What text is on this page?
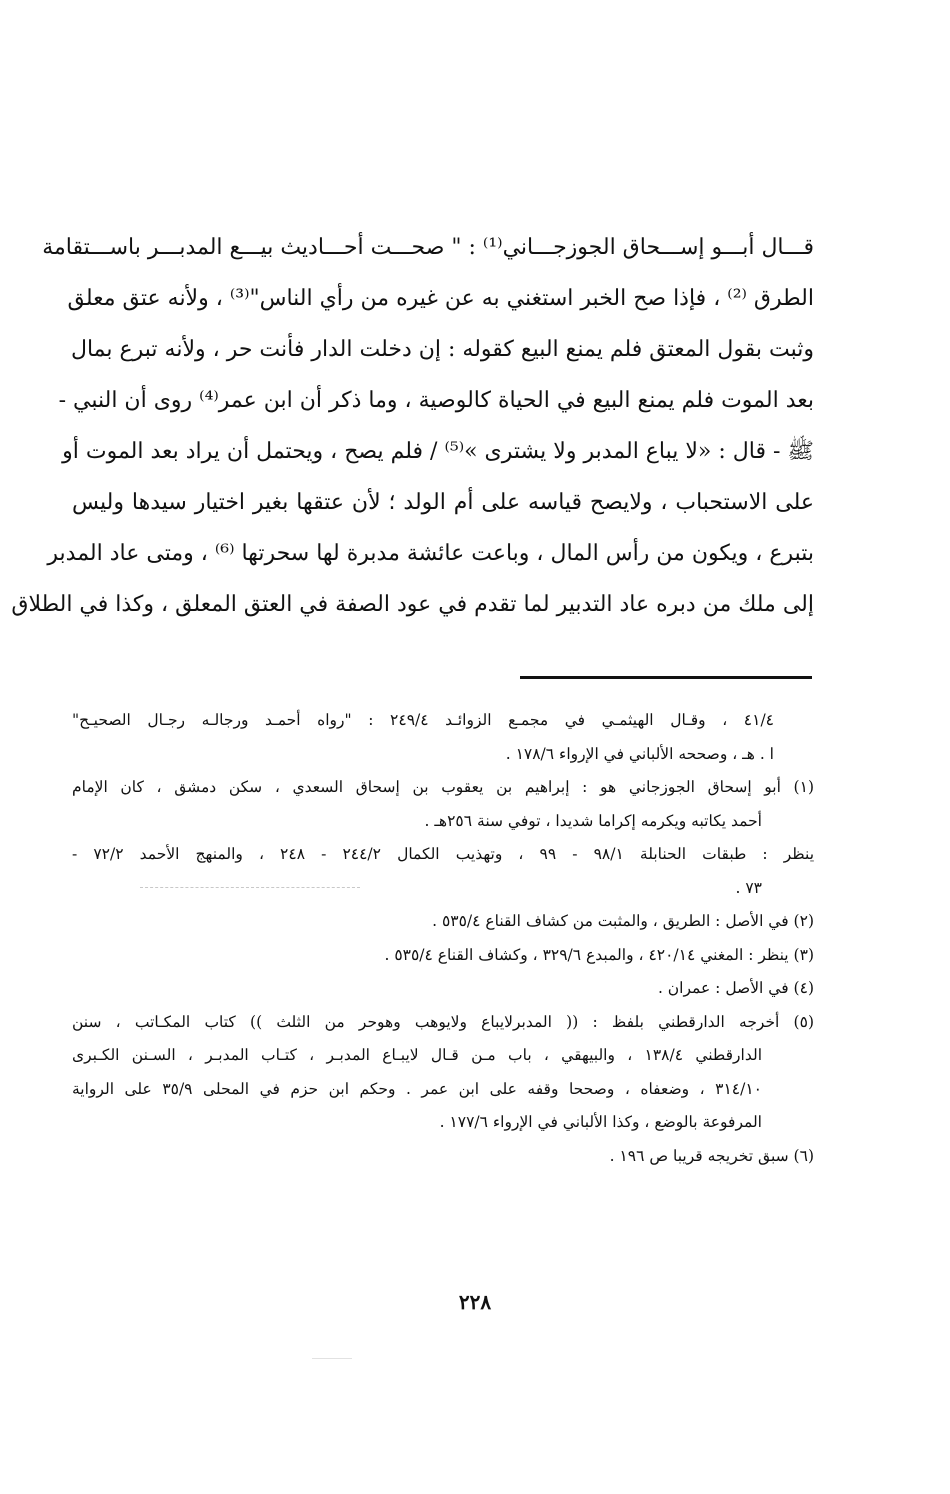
قـــال أبـــو إســـحاق الجوزجـــاني⁽¹⁾ : " صحـــت أحـــاديث بيـــع المدبـــر باســـتقامة
الطرق ⁽²⁾ ، فإذا صح الخبر استغني به عن غيره من رأي الناس"⁽³⁾ ، ولأنه عتق معلق
وثبت بقول المعتق فلم يمنع البيع كقوله : إن دخلت الدار فأنت حر ، ولأنه تبرع بمال
بعد الموت فلم يمنع البيع في الحياة كالوصية ، وما ذكر أن ابن عمر⁽⁴⁾ روى أن النبي -
ﷺ - قال : «لا يباع المدبر ولا يشترى »⁽⁵⁾ / فلم يصح ، ويحتمل أن يراد بعد الموت أو
على الاستحباب ، ولايصح قياسه على أم الولد ؛ لأن عتقها بغير اختيار سيدها وليس
بتبرع ، ويكون من رأس المال ، وباعت عائشة مدبرة لها سحرتها ⁽⁶⁾ ، ومتى عاد المدبر
إلى ملك من دبره عاد التدبير لما تقدم في عود الصفة في العتق المعلق ، وكذا في الطلاق
٤١/٤ ، وقـال الهيثمـي في مجمـع الزوائـد ٢٤٩/٤ : "رواه أحمـد ورجالـه رجـال الصحيـح"
ا . هـ ، وصححه الألباني في الإرواء ١٧٨/٦ .
(١) أبو إسحاق الجوزجاني هو : إبراهيم بن يعقوب بن إسحاق السعدي ، سكن دمشق ، كان الإمام
أحمد يكاتبه ويكرمه إكراما شديدا ، توفي سنة ٢٥٦هـ .
ينظر : طبقات الحنابلة ٩٨/١ - ٩٩ ، وتهذيب الكمال ٢٤٤/٢ - ٢٤٨ ، والمنهج الأحمد ٧٢/٢ -
٧٣ .
(٢) في الأصل : الطريق ، والمثبت من كشاف القناع ٥٣٥/٤ .
(٣) ينظر : المغني ٤٢٠/١٤ ، والمبدع ٣٢٩/٦ ، وكشاف القناع ٥٣٥/٤ .
(٤) في الأصل : عمران .
(٥) أخرجه الدارقطني بلفظ : (( المدبرلايباع ولايوهب وهوحر من الثلث )) كتاب المكـاتب ، سنن
الدارقطني ١٣٨/٤ ، والبيهقي ، باب مـن قـال لايبـاع المدبـر ، كتـاب المدبـر ، السـنن الكـبرى
٣١٤/١٠ ، وضعفاه ، وصححا وقفه على ابن عمر . وحكم ابن حزم في المحلى ٣٥/٩ على الرواية
المرفوعة بالوضع ، وكذا الألباني في الإرواء ١٧٧/٦ .
(٦) سبق تخريجه قريبا ص ١٩٦ .
٢٢٨
